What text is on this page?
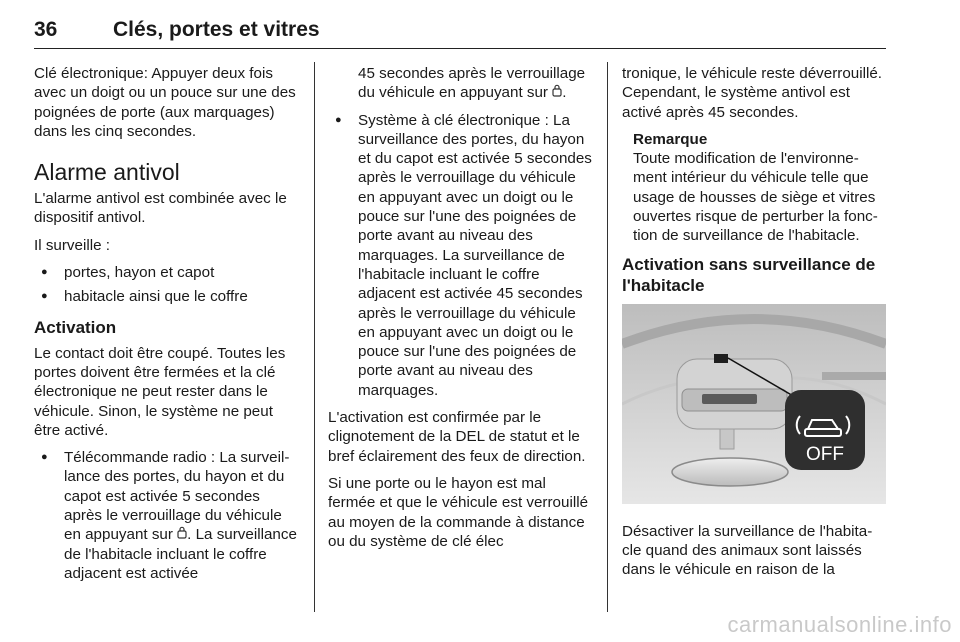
36	Clés, portes et vitres

Clé électronique: Appuyer deux fois avec un doigt ou un pouce sur une des poignées de porte (aux marquages) dans les cinq secondes.

Alarme antivol

L'alarme antivol est combinée avec le dispositif antivol.

Il surveille :

● portes, hayon et capot
● habitacle ainsi que le coffre
Activation

Le contact doit être coupé. Toutes les portes doivent être fermées et la clé électronique ne peut rester dans le véhicule. Sinon, le système ne peut être activé.

● Télécommande radio : La surveillance des portes, du hayon et du capot est activée 5 secondes après le verrouillage du véhicule en appuyant sur . La surveillance de l'habitacle incluant le coffre adjacent est activée

45 secondes après le verrouillage du véhicule en appuyant sur .

● Système à clé électronique : La surveillance des portes, du hayon et du capot est activée 5 secondes après le verrouillage du véhicule en appuyant avec un doigt ou le pouce sur l'une des poignées de porte avant au niveau des marquages. La surveillance de l'habitacle incluant le coffre adjacent est activée 45 secondes après le verrouillage du véhicule en appuyant avec un doigt ou le pouce sur l'une des poignées de porte avant au niveau des marquages.

L'activation est confirmée par le clignotement de la DEL de statut et le bref éclairement des feux de direction.

Si une porte ou le hayon est mal fermée et que le véhicule est verrouillé au moyen de la commande à distance ou du système de clé élec

tronique, le véhicule reste déverrouillé. Cependant, le système antivol est activé après 45 secondes.

Remarque
Toute modification de l'environnement intérieur du véhicule telle que usage de housses de siège et vitres ouvertes risque de perturber la fonction de surveillance de l'habitacle.
Activation sans surveillance de l'habitacle
OFF

Désactiver la surveillance de l'habitacle quand des animaux sont laissés dans le véhicule en raison de la

carmanualsonline.info
